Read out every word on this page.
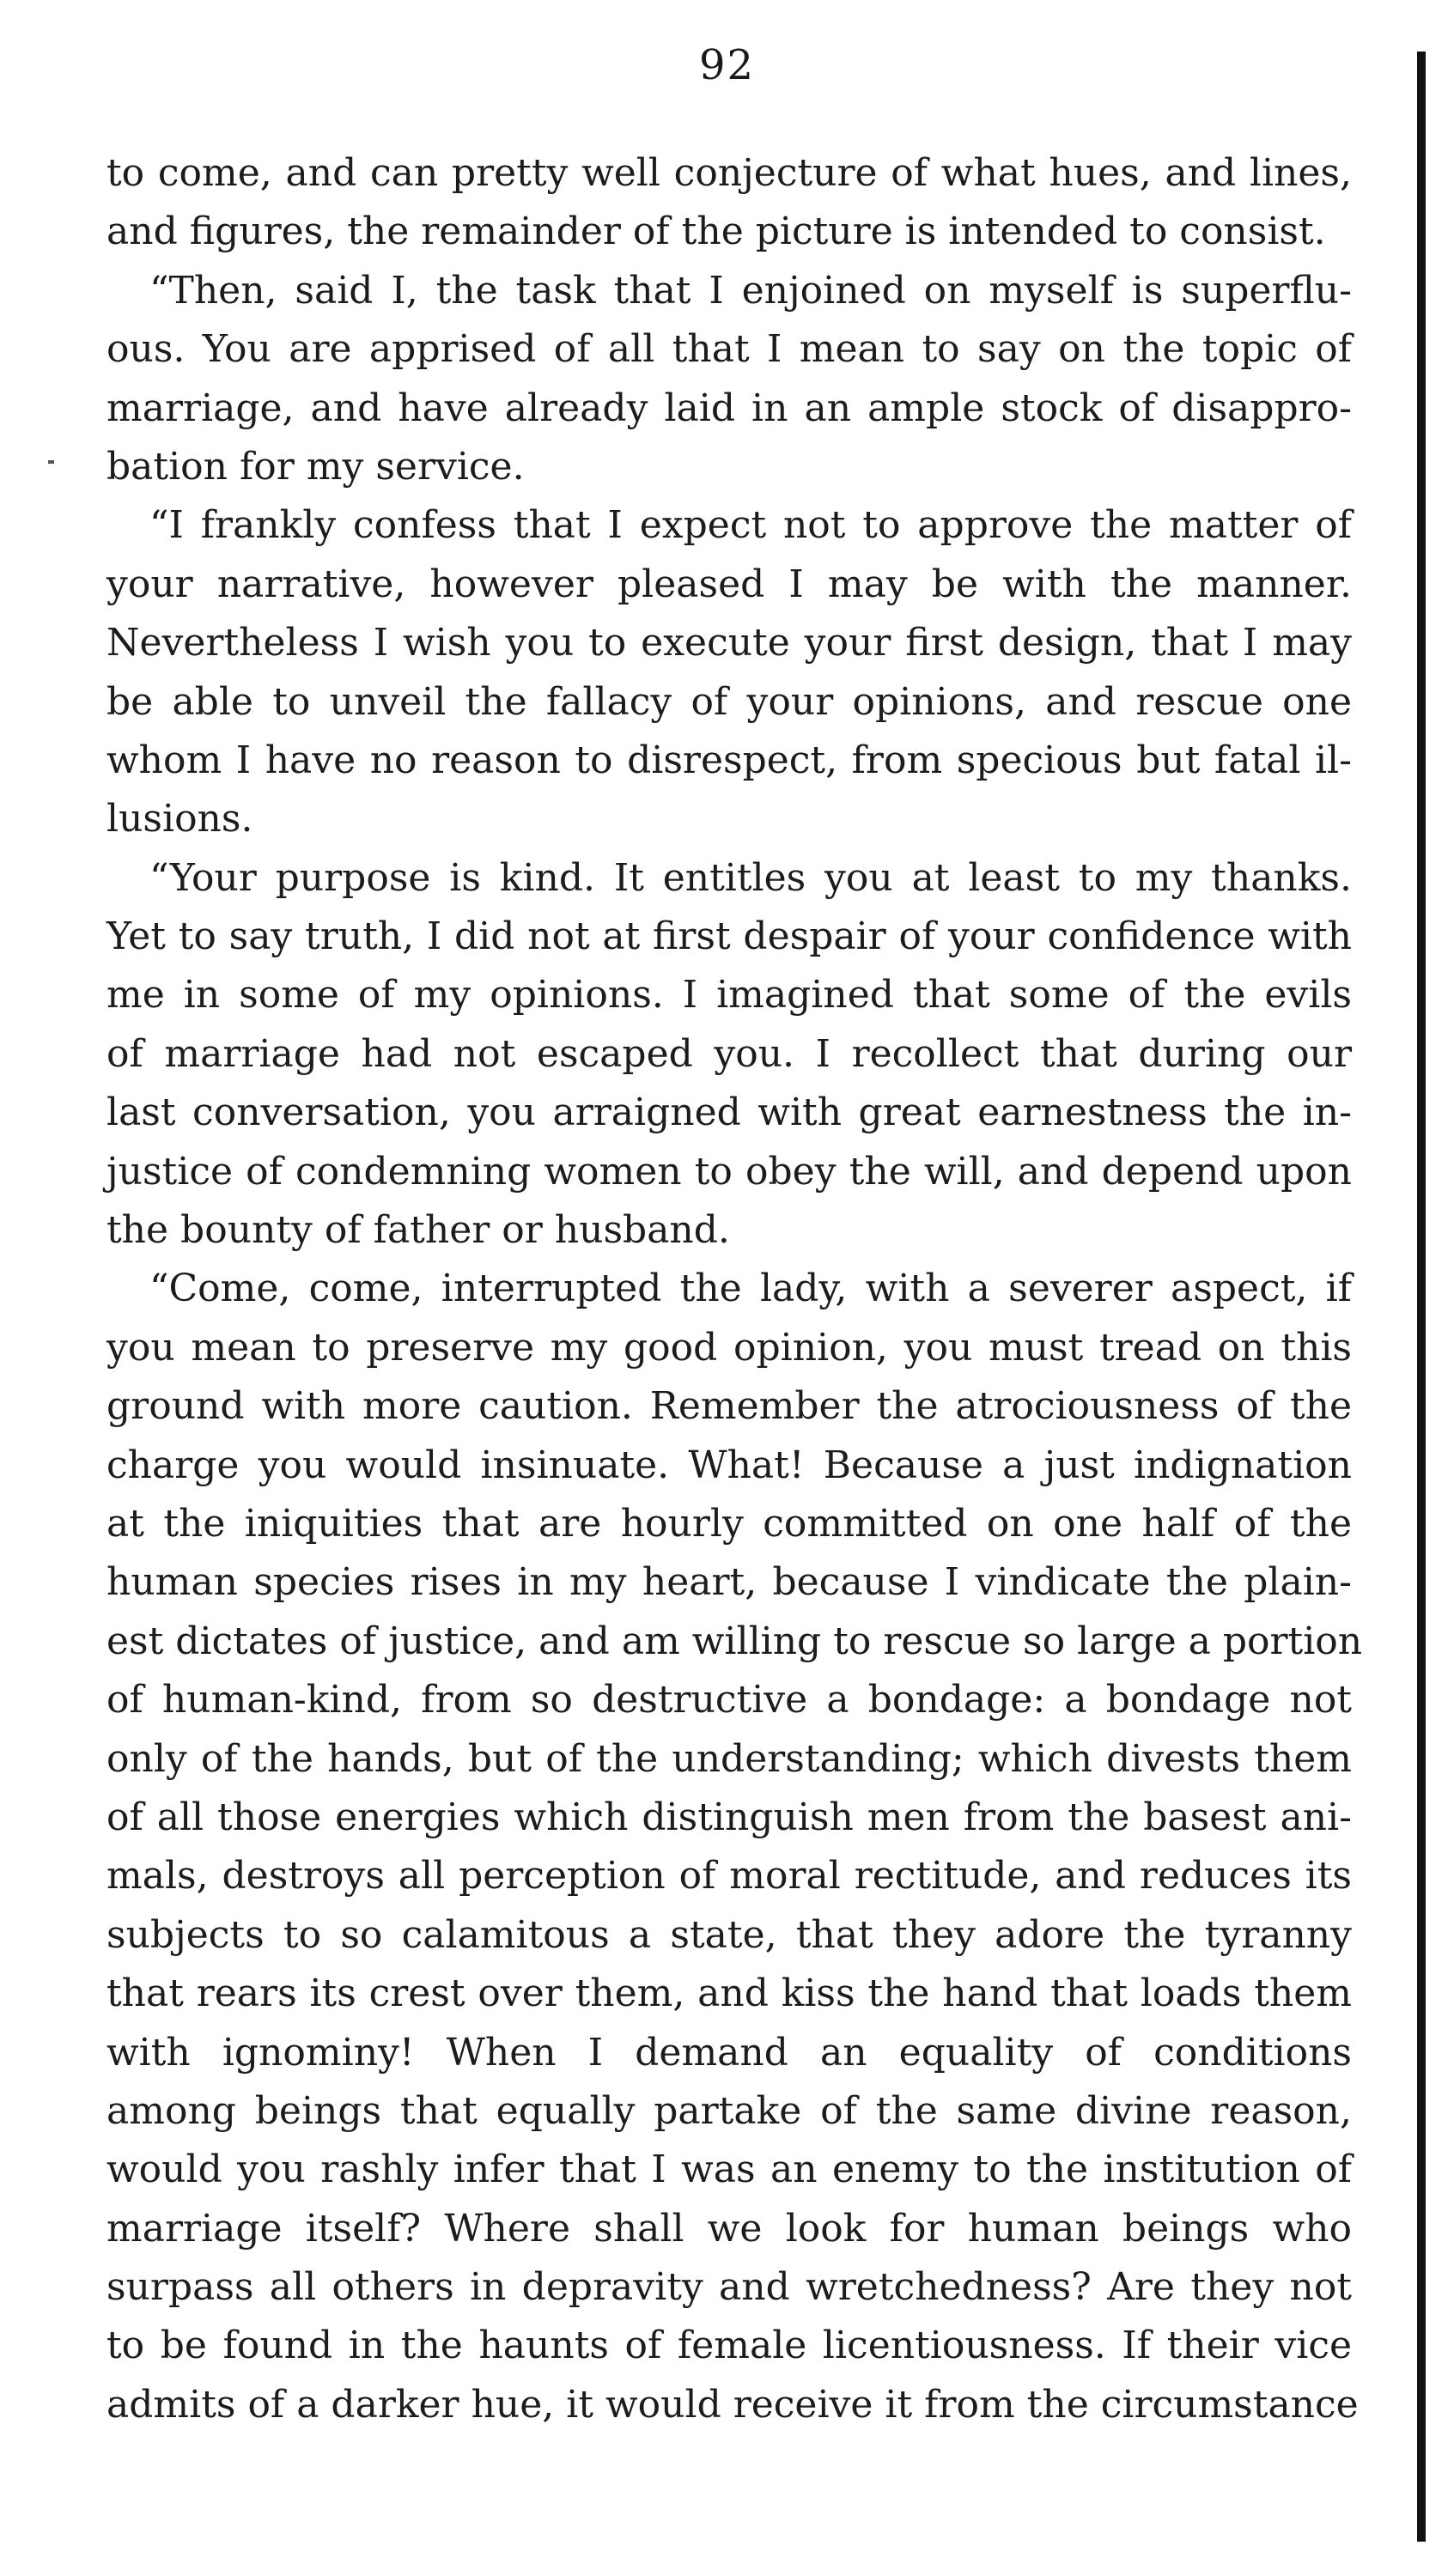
92
to come, and can pretty well conjecture of what hues, and lines,
and figures, the remainder of the picture is intended to consist.
“Then, said I, the task that I enjoined on myself is superflu-
ous. You are apprised of all that I mean to say on the topic of
marriage, and have already laid in an ample stock of disappro-
bation for my service.
“I frankly confess that I expect not to approve the matter of
your narrative, however pleased I may be with the manner.
Nevertheless I wish you to execute your first design, that I may
be able to unveil the fallacy of your opinions, and rescue one
whom I have no reason to disrespect, from specious but fatal il-
lusions.
“Your purpose is kind. It entitles you at least to my thanks.
Yet to say truth, I did not at first despair of your confidence with
me in some of my opinions. I imagined that some of the evils
of marriage had not escaped you. I recollect that during our
last conversation, you arraigned with great earnestness the in-
justice of condemning women to obey the will, and depend upon
the bounty of father or husband.
“Come, come, interrupted the lady, with a severer aspect, if
you mean to preserve my good opinion, you must tread on this
ground with more caution. Remember the atrociousness of the
charge you would insinuate. What! Because a just indignation
at the iniquities that are hourly committed on one half of the
human species rises in my heart, because I vindicate the plain-
est dictates of justice, and am willing to rescue so large a portion
of human-kind, from so destructive a bondage: a bondage not
only of the hands, but of the understanding; which divests them
of all those energies which distinguish men from the basest ani-
mals, destroys all perception of moral rectitude, and reduces its
subjects to so calamitous a state, that they adore the tyranny
that rears its crest over them, and kiss the hand that loads them
with ignominy! When I demand an equality of conditions
among beings that equally partake of the same divine reason,
would you rashly infer that I was an enemy to the institution of
marriage itself? Where shall we look for human beings who
surpass all others in depravity and wretchedness? Are they not
to be found in the haunts of female licentiousness. If their vice
admits of a darker hue, it would receive it from the circumstance
